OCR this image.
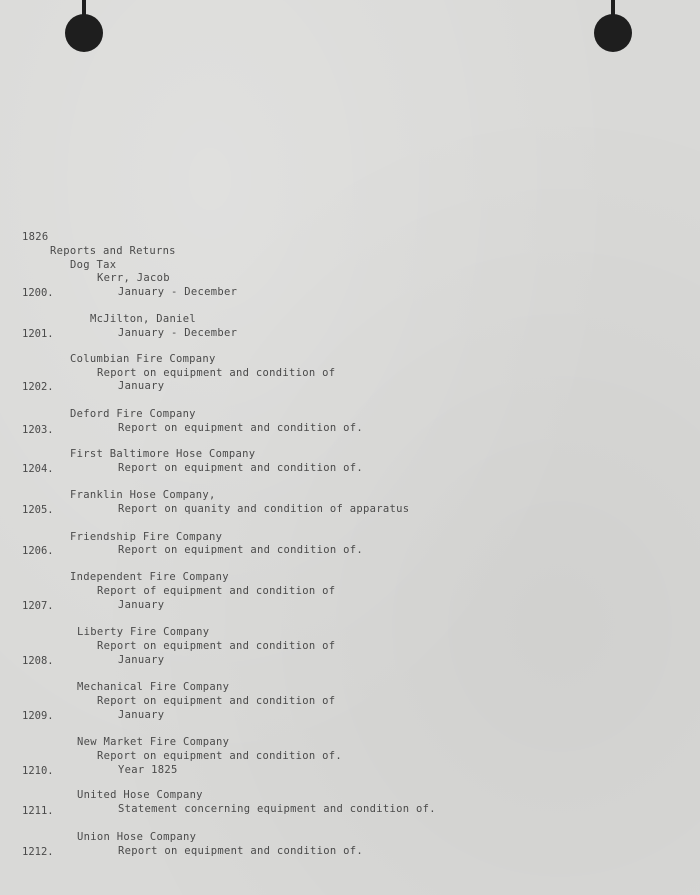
1826
Reports and Returns
Dog Tax
Kerr, Jacob
1200.	January - December
McJilton, Daniel
1201.	January - December
Columbian Fire Company
Report on equipment and condition of
1202.	January
Deford Fire Company
1203.	Report on equipment and condition of.
First Baltimore Hose Company
1204.	Report on equipment and condition of.
Franklin Hose Company,
1205.	Report on quanity and condition of apparatus
Friendship Fire Company
1206.	Report on equipment and condition of.
Independent Fire Company
Report of equipment and condition of
1207.	January
Liberty Fire Company
Report on equipment and condition of
1208.	January
Mechanical Fire Company
Report on equipment and condition of
1209.	January
New Market Fire Company
Report on equipment and condition of.
1210.	Year 1825
United Hose Company
1211.	Statement concerning equipment and condition of.
Union Hose Company
1212.	Report on equipment and condition of.
